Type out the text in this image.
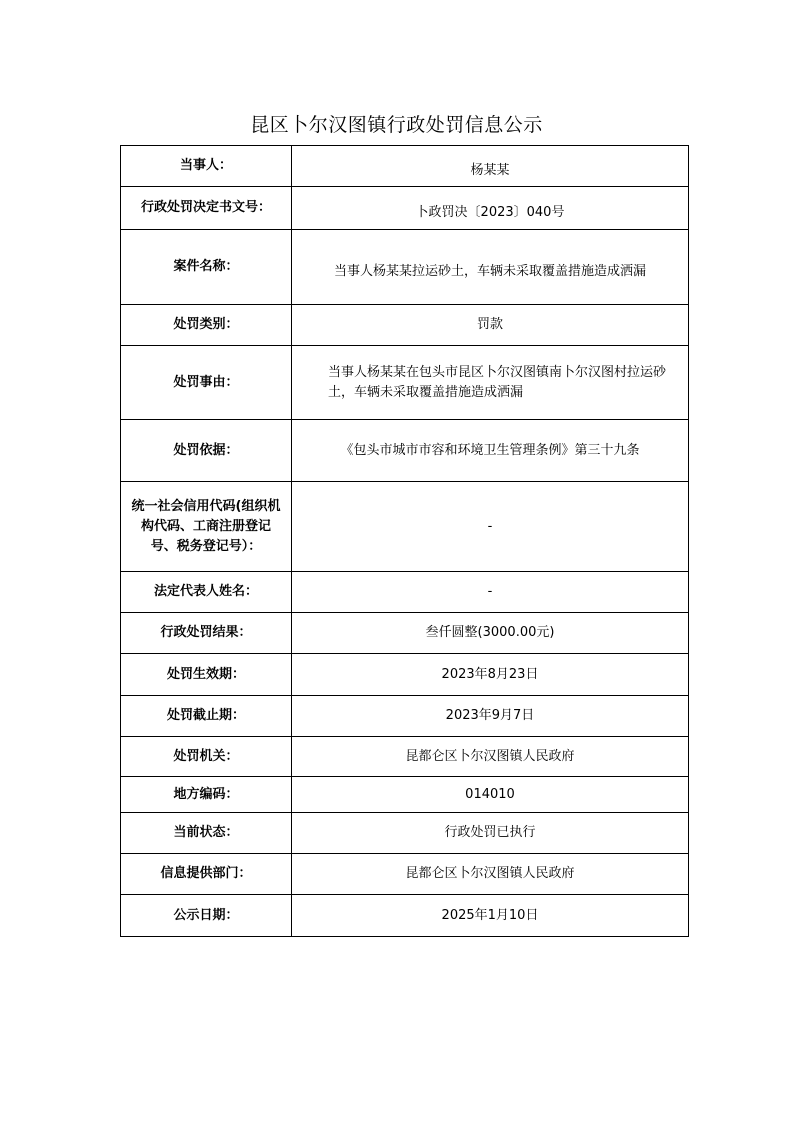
昆区卜尔汉图镇行政处罚信息公示
当事人：	杨某某
行政处罚决定书文号：	卜政罚决〔2023〕040号
案件名称：	当事人杨某某拉运砂土，车辆未采取覆盖措施造成洒漏
处罚类别：	罚款
处罚事由：	当事人杨某某在包头市昆区卜尔汉图镇南卜尔汉图村拉运砂土，车辆未采取覆盖措施造成洒漏
处罚依据：	《包头市城市市容和环境卫生管理条例》第三十九条
统一社会信用代码(组织机构代码、工商注册登记号、税务登记号）：	-
法定代表人姓名：	-
行政处罚结果：	叁仟圆整(3000.00元)
处罚生效期：	2023年8月23日
处罚截止期：	2023年9月7日
处罚机关：	昆都仑区卜尔汉图镇人民政府
地方编码：	014010
当前状态：	行政处罚已执行
信息提供部门：	昆都仑区卜尔汉图镇人民政府
公示日期：	2025年1月10日
